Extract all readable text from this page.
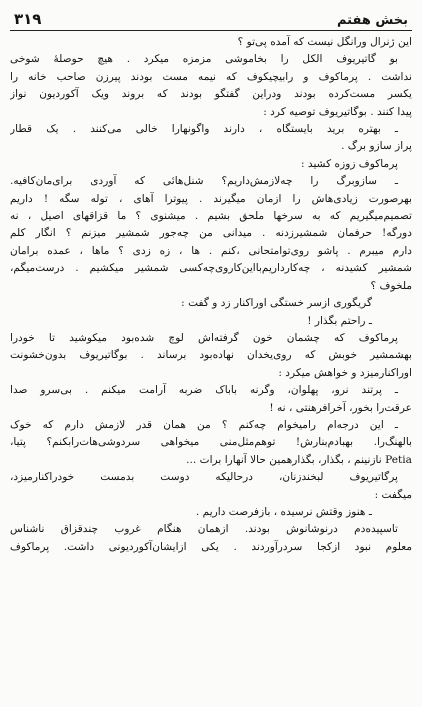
۳۱۹	بخش هفتم
این ژنرال ورانگل نیست که آمده پی‌تو ؟
بو گاتیریوف الکل را بخاموشی مزمزه میکرد . هیچ حوصلهٔ شوخی
نداشت . پرماکوف و رابیچیکوف که نیمه مست بودند پیرزن صاحب خانه را
یکسر مست‌کرده بودند ودراین گفتگو بودند که بروند ویک آکوردیون نواز
پیدا کنند . بوگاتیریوف توصیه کرد :
ـ بهتره برید بایستگاه ، دارند واگونهارا خالی می‌کنند . یک قطار
پراز سازو برگ .
پرماکوف زوزه کشید :
ـ سازوبرگ را چه‌لازمش‌داریم؟ شنل‌هائی که آوردی برای‌مان‌کافیه.
بهرصورت زیادی‌هاش را ازمان میگیرند . پیوترا آهای ، توله سگه ! داریم
تصمیم‌میگیریم که به سرخها ملحق بشیم . میشنوی ؟ ما قزاقهای اصیل ، نه
دورگه! حرفمان شمشیرزدنه . میدانی من چه‌جور شمشیر میزنم ؟ انگار کلم
دارم میبرم . پاشو روی‌تو‌امتحانی ،کنم . ها ، زه زدی ؟ ماها ، عمده برامان
شمشیر کشیدنه ، چه‌کار‌داریم‌بااین‌کاروی‌چه‌کسی شمشیر میکشیم . درست‌میگم،
ملخوف ؟
گریگوری ازسر خستگی اورا‌کنار زد و گفت :
ـ راحتم بگذار !
پرماکوف که چشمان خون گرفته‌اش لوچ شده‌بود میکوشید تا خودرا
بهشمشیر خوبش که روی‌یخدان نهاده‌بود برساند . بوگاتیریوف بدون‌خشونت
اورا‌کنارمیزد و خواهش میکرد :
ـ پرتند نرو، پهلوان، وگرنه باباک ضربه آرامت میکنم . بی‌سرو صدا
عرقت‌را بخور، آخر‌افرهنتی ، نه !
ـ این درجه‌ام رامیخوام چه‌کنم ؟ من همان قدر لازمش دارم که خوک
بالهنگ‌را. بهبادم‌بنارش! توهم‌مثل‌منی میخواهی سردوشی‌هات‌رابکنم؟ پتیا،
Petia نازنینم ، بگذار، بگذارهمین حالا آنهارا برات ...
پرگاتیریوف لبخندزنان، درحالیکه دوست بدمست خودرا‌کنارمیزد،
میگفت :
ـ هنوز وقتش نرسیده ، بازفرصت داریم .
تاسپیده‌دم درنوشانوش بودند. ازهمان هنگام غروب چندقزاق ناشناس
معلوم نبود ازکجا سردرآوردند . یکی ازایشان‌آکوردیونی داشت. پرماکوف
